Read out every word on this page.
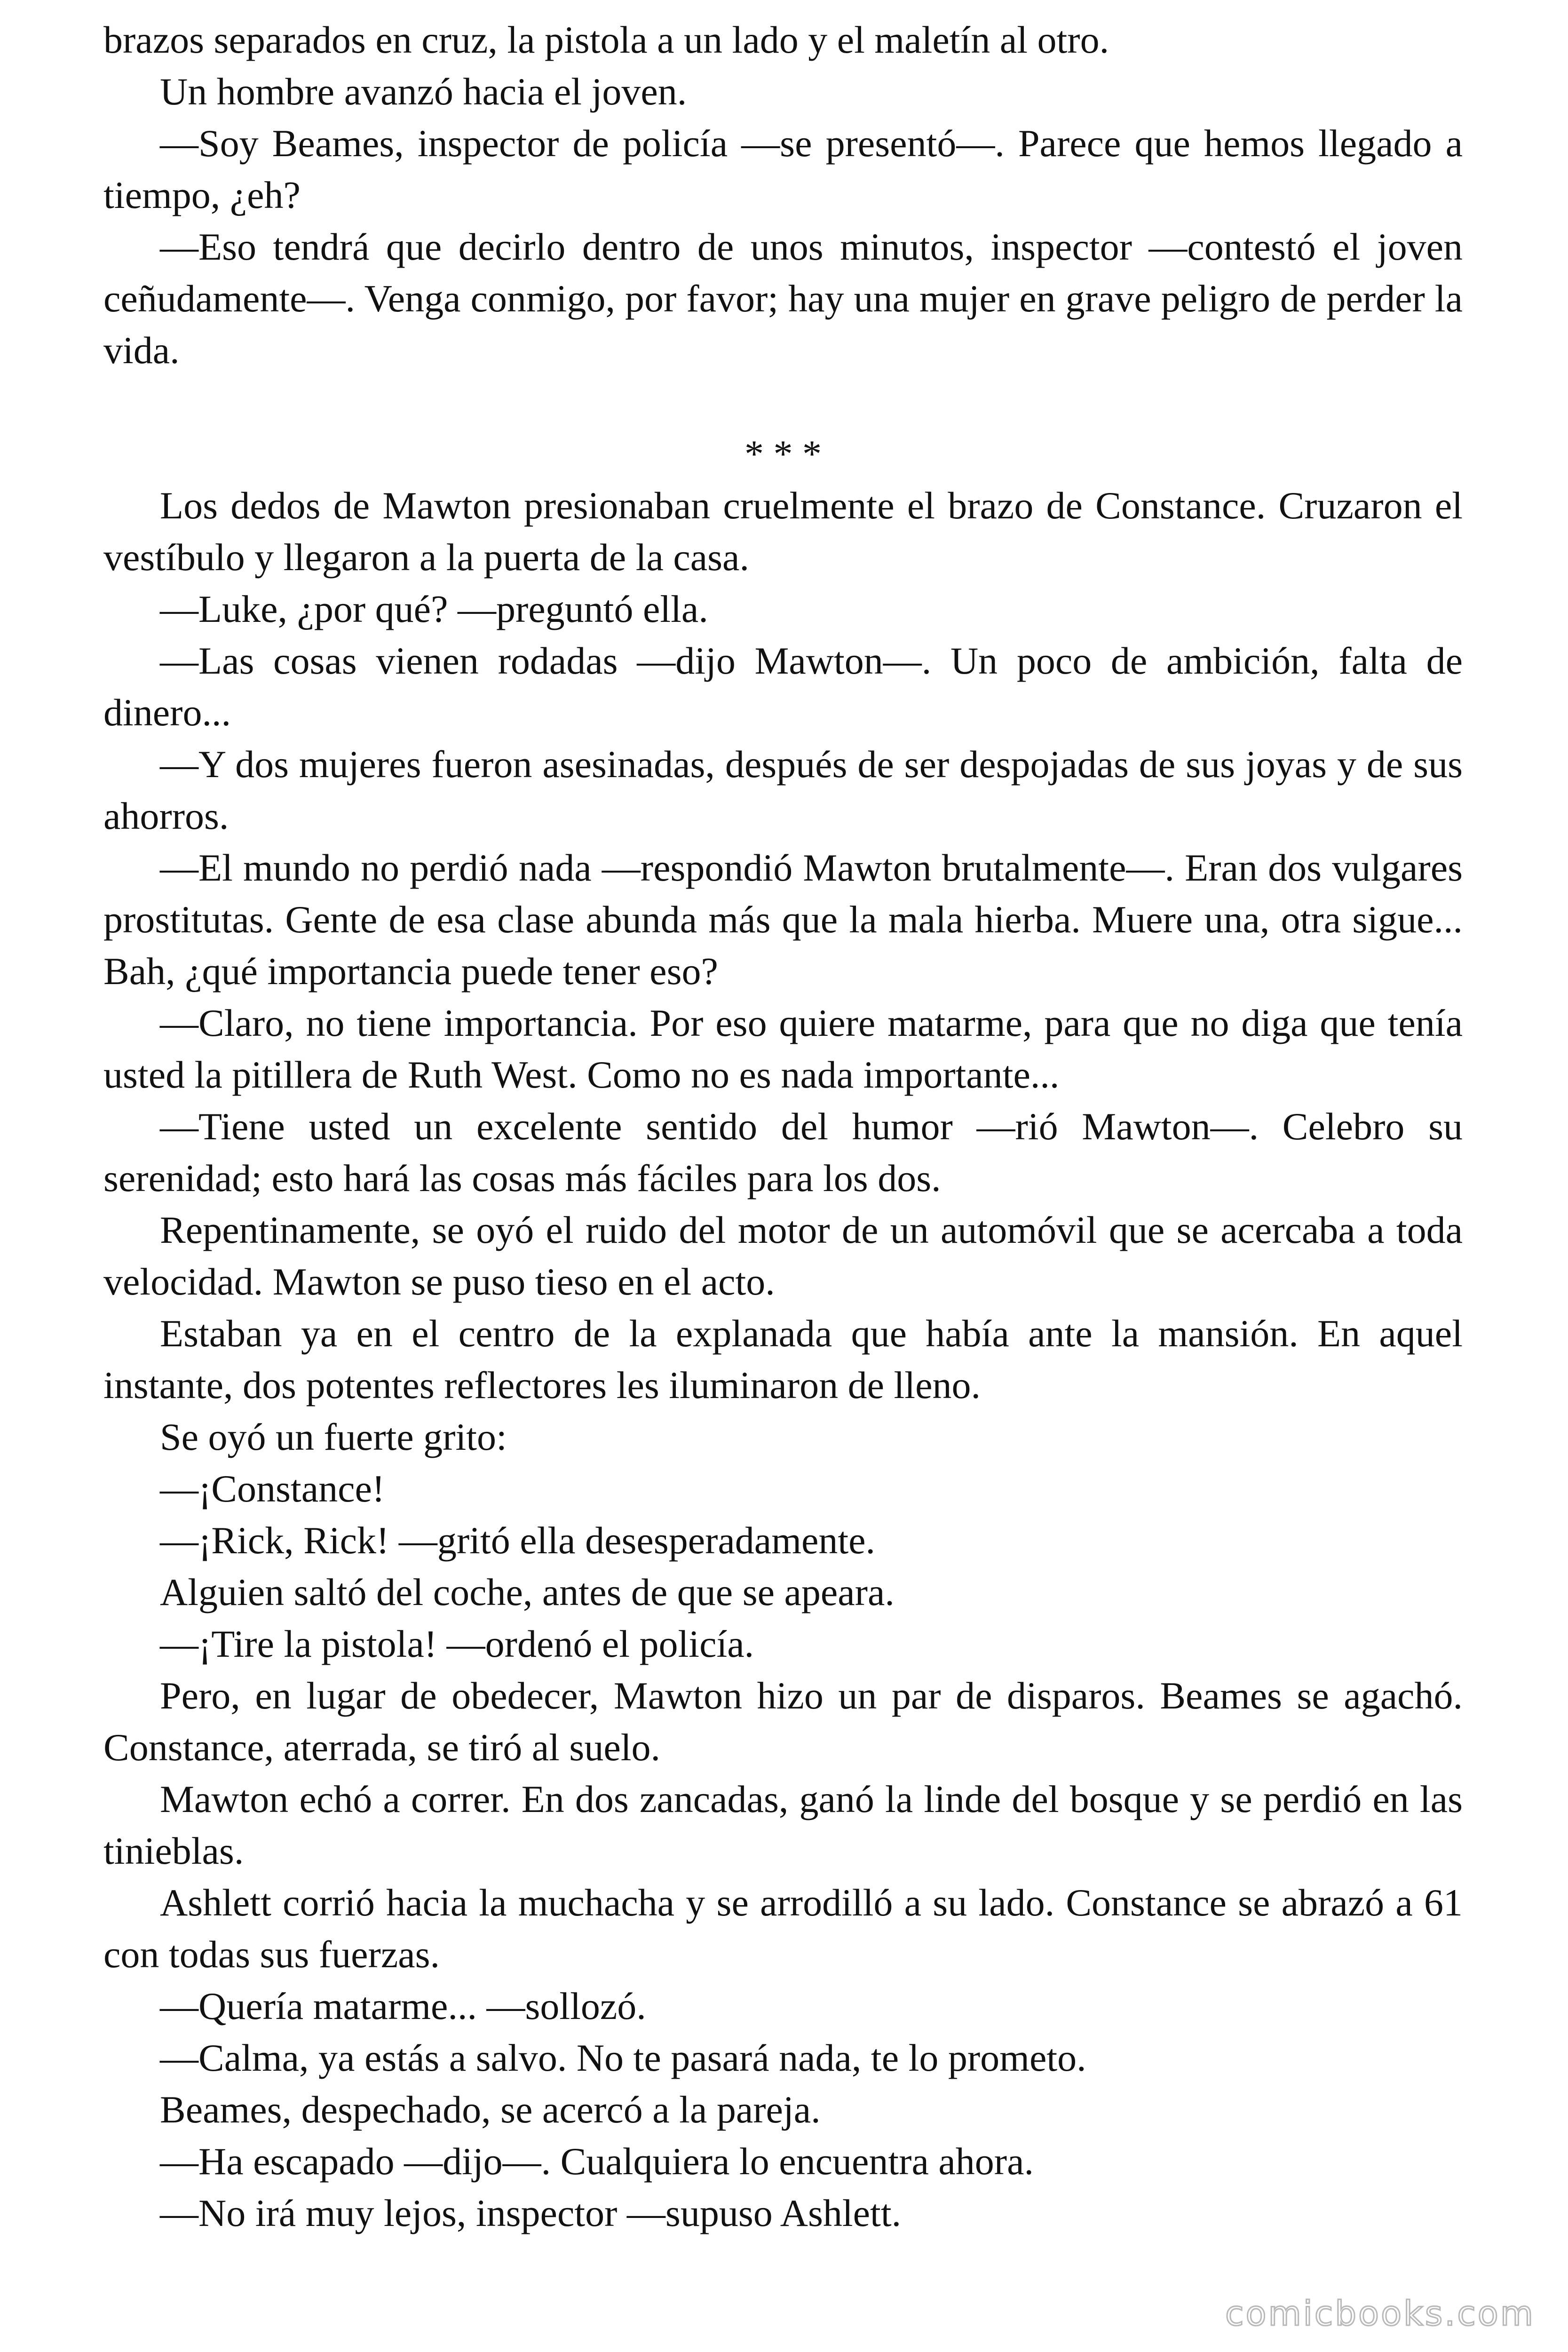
brazos separados en cruz, la pistola a un lado y el maletín al otro.

Un hombre avanzó hacia el joven.

—Soy Beames, inspector de policía —se presentó—. Parece que hemos llegado a tiempo, ¿eh?

—Eso tendrá que decirlo dentro de unos minutos, inspector —contestó el joven ceñudamente—. Venga conmigo, por favor; hay una mujer en grave peligro de perder la vida.

* * *

Los dedos de Mawton presionaban cruelmente el brazo de Constance. Cruzaron el vestíbulo y llegaron a la puerta de la casa.

—Luke, ¿por qué? —preguntó ella.

—Las cosas vienen rodadas —dijo Mawton—. Un poco de ambición, falta de dinero...

—Y dos mujeres fueron asesinadas, después de ser despojadas de sus joyas y de sus ahorros.

—El mundo no perdió nada —respondió Mawton brutalmente—. Eran dos vulgares prostitutas. Gente de esa clase abunda más que la mala hierba. Muere una, otra sigue... Bah, ¿qué importancia puede tener eso?

—Claro, no tiene importancia. Por eso quiere matarme, para que no diga que tenía usted la pitillera de Ruth West. Como no es nada importante...

—Tiene usted un excelente sentido del humor —rió Mawton—. Celebro su serenidad; esto hará las cosas más fáciles para los dos.

Repentinamente, se oyó el ruido del motor de un automóvil que se acercaba a toda velocidad. Mawton se puso tieso en el acto.

Estaban ya en el centro de la explanada que había ante la mansión. En aquel instante, dos potentes reflectores les iluminaron de lleno.

Se oyó un fuerte grito:

—¡Constance!

—¡Rick, Rick! —gritó ella desesperadamente.

Alguien saltó del coche, antes de que se apeara.

—¡Tire la pistola! —ordenó el policía.

Pero, en lugar de obedecer, Mawton hizo un par de disparos. Beames se agachó. Constance, aterrada, se tiró al suelo.

Mawton echó a correr. En dos zancadas, ganó la linde del bosque y se perdió en las tinieblas.

Ashlett corrió hacia la muchacha y se arrodilló a su lado. Constance se abrazó a 61 con todas sus fuerzas.

—Quería matarme... —sollozó.

—Calma, ya estás a salvo. No te pasará nada, te lo prometo.

Beames, despechado, se acercó a la pareja.

—Ha escapado —dijo—. Cualquiera lo encuentra ahora.

—No irá muy lejos, inspector —supuso Ashlett.

comicbooks.com
